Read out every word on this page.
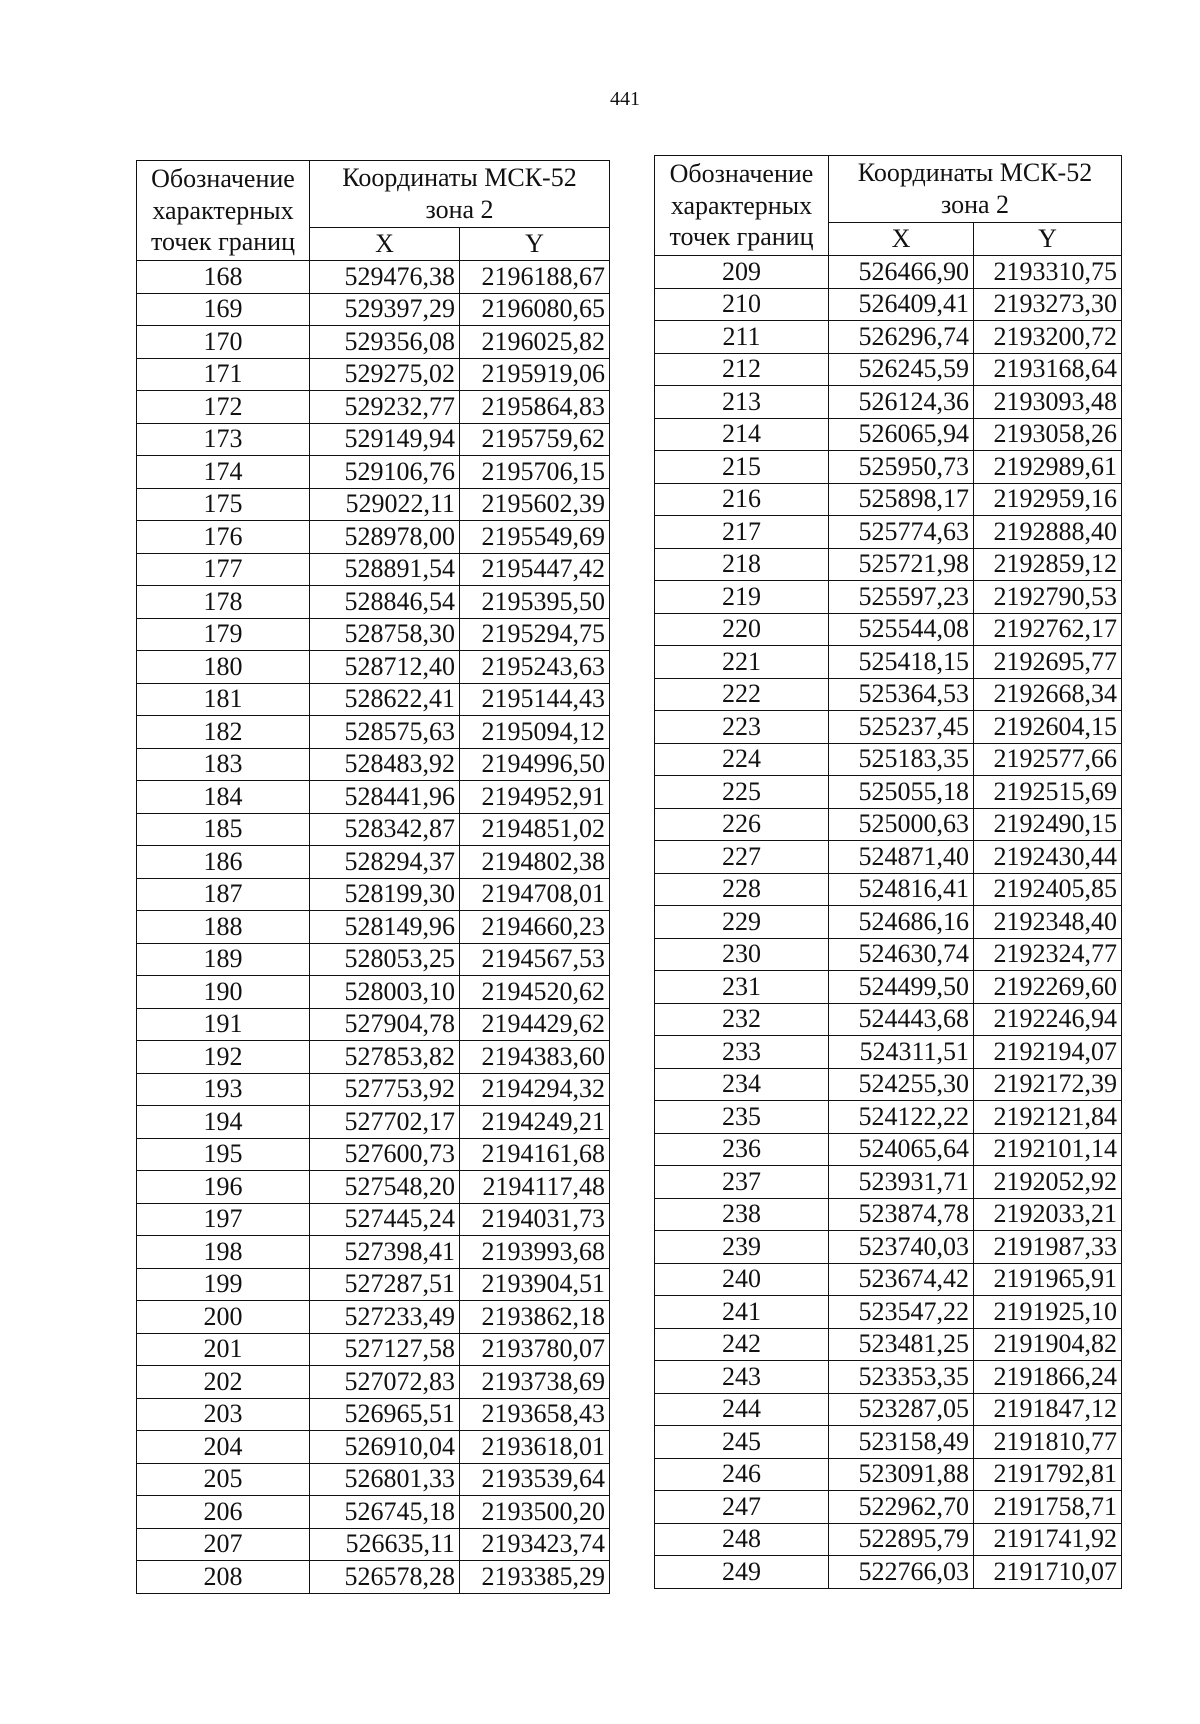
441
Обозначение
характерных
точек границ	Координаты МСК-52
зона 2	

	X	Y
168	529476,38	2196188,67
169	529397,29	2196080,65
170	529356,08	2196025,82
171	529275,02	2195919,06
172	529232,77	2195864,83
173	529149,94	2195759,62
174	529106,76	2195706,15
175	529022,11	2195602,39
176	528978,00	2195549,69
177	528891,54	2195447,42
178	528846,54	2195395,50
179	528758,30	2195294,75
180	528712,40	2195243,63
181	528622,41	2195144,43
182	528575,63	2195094,12
183	528483,92	2194996,50
184	528441,96	2194952,91
185	528342,87	2194851,02
186	528294,37	2194802,38
187	528199,30	2194708,01
188	528149,96	2194660,23
189	528053,25	2194567,53
190	528003,10	2194520,62
191	527904,78	2194429,62
192	527853,82	2194383,60
193	527753,92	2194294,32
194	527702,17	2194249,21
195	527600,73	2194161,68
196	527548,20	2194117,48
197	527445,24	2194031,73
198	527398,41	2193993,68
199	527287,51	2193904,51
200	527233,49	2193862,18
201	527127,58	2193780,07
202	527072,83	2193738,69
203	526965,51	2193658,43
204	526910,04	2193618,01
205	526801,33	2193539,64
206	526745,18	2193500,20
207	526635,11	2193423,74
208	526578,28	2193385,29
Обозначение
характерных
точек границ	Координаты МСК-52
зона 2	

	X	Y
209	526466,90	2193310,75
210	526409,41	2193273,30
211	526296,74	2193200,72
212	526245,59	2193168,64
213	526124,36	2193093,48
214	526065,94	2193058,26
215	525950,73	2192989,61
216	525898,17	2192959,16
217	525774,63	2192888,40
218	525721,98	2192859,12
219	525597,23	2192790,53
220	525544,08	2192762,17
221	525418,15	2192695,77
222	525364,53	2192668,34
223	525237,45	2192604,15
224	525183,35	2192577,66
225	525055,18	2192515,69
226	525000,63	2192490,15
227	524871,40	2192430,44
228	524816,41	2192405,85
229	524686,16	2192348,40
230	524630,74	2192324,77
231	524499,50	2192269,60
232	524443,68	2192246,94
233	524311,51	2192194,07
234	524255,30	2192172,39
235	524122,22	2192121,84
236	524065,64	2192101,14
237	523931,71	2192052,92
238	523874,78	2192033,21
239	523740,03	2191987,33
240	523674,42	2191965,91
241	523547,22	2191925,10
242	523481,25	2191904,82
243	523353,35	2191866,24
244	523287,05	2191847,12
245	523158,49	2191810,77
246	523091,88	2191792,81
247	522962,70	2191758,71
248	522895,79	2191741,92
249	522766,03	2191710,07
